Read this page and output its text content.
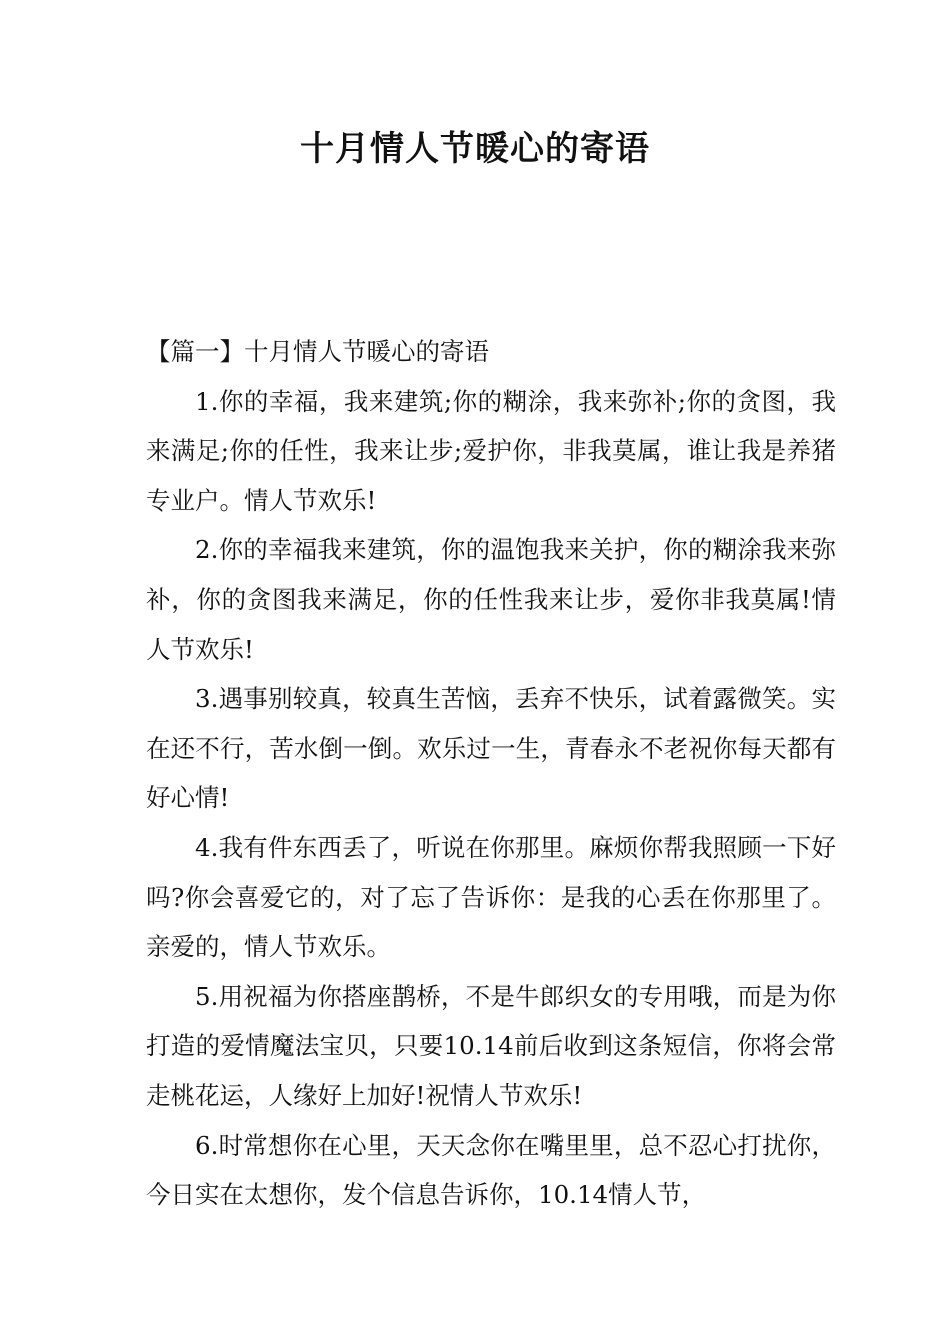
十月情人节暖心的寄语

【篇一】十月情人节暖心的寄语

1.你的幸福，我来建筑;你的糊涂，我来弥补;你的贪图，我来满足;你的任性，我来让步;爱护你，非我莫属，谁让我是养猪专业户。情人节欢乐!

2.你的幸福我来建筑，你的温饱我来关护，你的糊涂我来弥补，你的贪图我来满足，你的任性我来让步，爱你非我莫属!情人节欢乐!

3.遇事别较真，较真生苦恼，丢弃不快乐，试着露微笑。实在还不行，苦水倒一倒。欢乐过一生，青春永不老祝你每天都有好心情!

4.我有件东西丢了，听说在你那里。麻烦你帮我照顾一下好吗?你会喜爱它的，对了忘了告诉你：是我的心丢在你那里了。亲爱的，情人节欢乐。

5.用祝福为你搭座鹊桥，不是牛郎织女的专用哦，而是为你打造的爱情魔法宝贝，只要10.14前后收到这条短信，你将会常走桃花运，人缘好上加好!祝情人节欢乐!

6.时常想你在心里，天天念你在嘴里里，总不忍心打扰你，今日实在太想你，发个信息告诉你，10.14情人节，
